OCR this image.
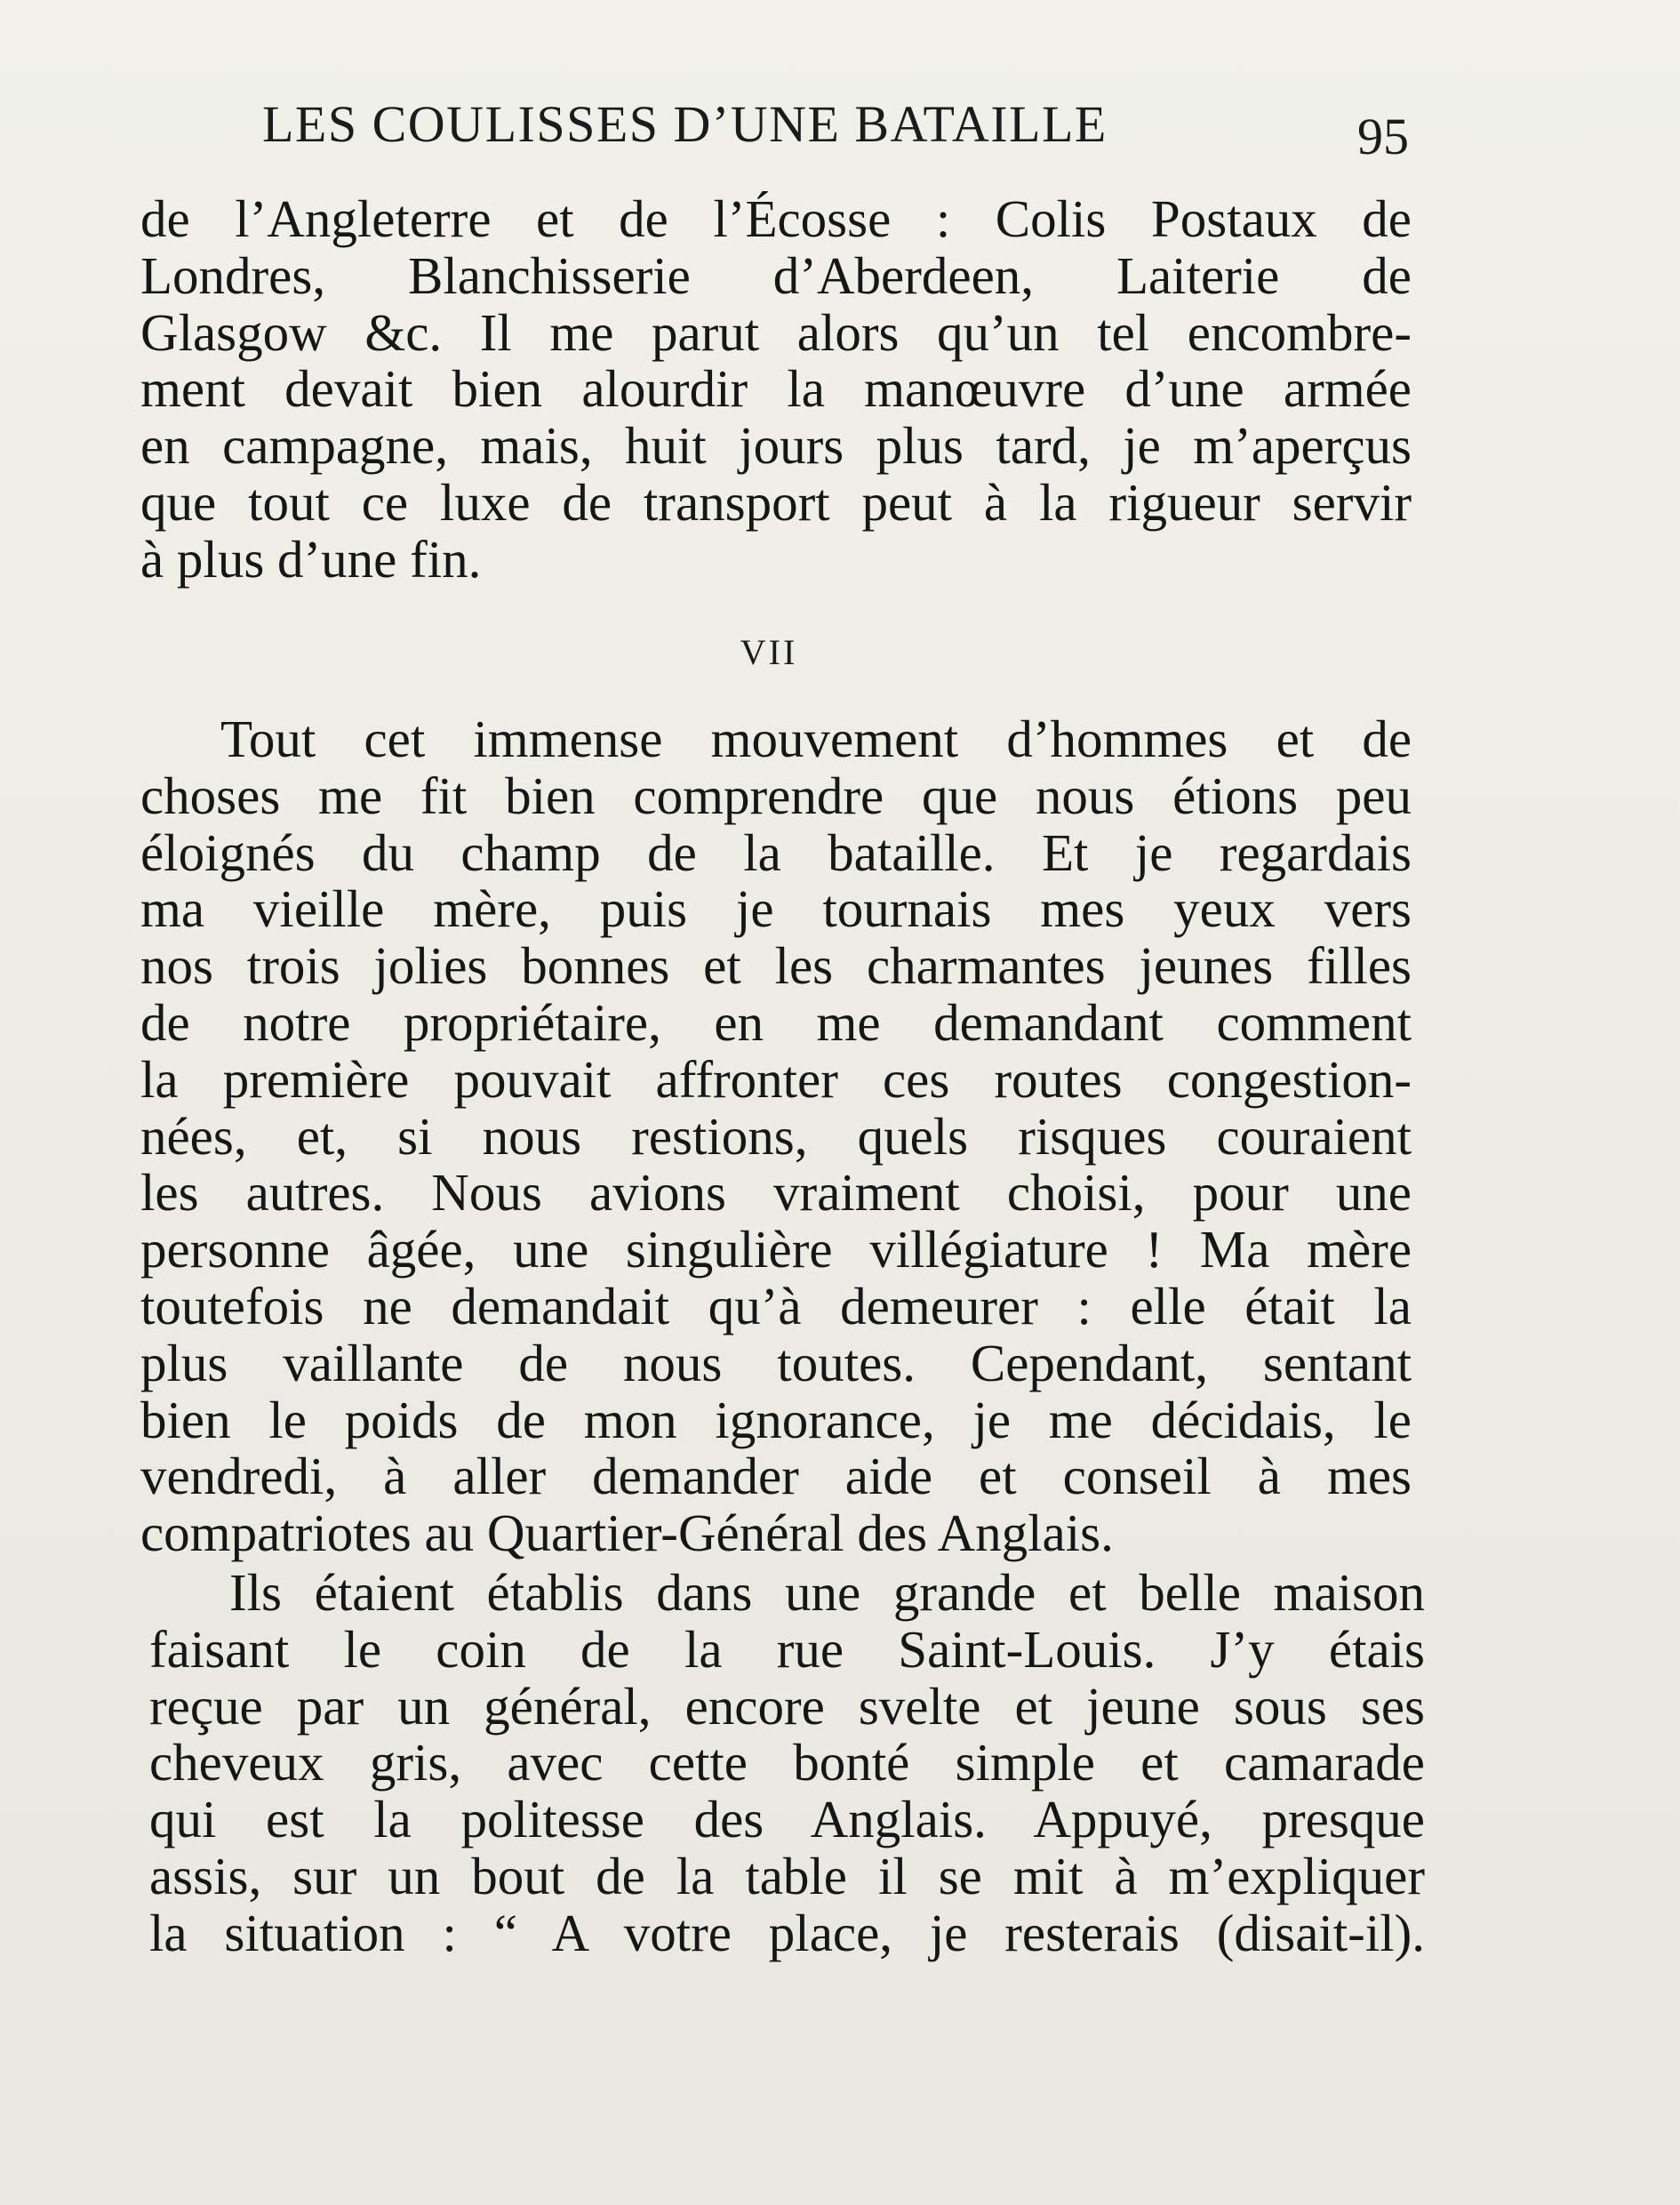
LES COULISSES D’UNE BATAILLE	95
de l’Angleterre et de l’Écosse : Colis Postaux de
Londres, Blanchisserie d’Aberdeen, Laiterie de
Glasgow &c. Il me parut alors qu’un tel encombre-
ment devait bien alourdir la manœuvre d’une armée
en campagne, mais, huit jours plus tard, je m’aperçus
que tout ce luxe de transport peut à la rigueur servir
à plus d’une fin.
VII
Tout cet immense mouvement d’hommes et de
choses me fit bien comprendre que nous étions peu
éloignés du champ de la bataille. Et je regardais
ma vieille mère, puis je tournais mes yeux vers
nos trois jolies bonnes et les charmantes jeunes filles
de notre propriétaire, en me demandant comment
la première pouvait affronter ces routes congestion-
nées, et, si nous restions, quels risques couraient
les autres. Nous avions vraiment choisi, pour une
personne âgée, une singulière villégiature ! Ma mère
toutefois ne demandait qu’à demeurer : elle était la
plus vaillante de nous toutes. Cependant, sentant
bien le poids de mon ignorance, je me décidais, le
vendredi, à aller demander aide et conseil à mes
compatriotes au Quartier-Général des Anglais.
Ils étaient établis dans une grande et belle maison
faisant le coin de la rue Saint-Louis. J’y étais
reçue par un général, encore svelte et jeune sous ses
cheveux gris, avec cette bonté simple et camarade
qui est la politesse des Anglais. Appuyé, presque
assis, sur un bout de la table il se mit à m’expliquer
la situation : “ A votre place, je resterais (disait-il).
